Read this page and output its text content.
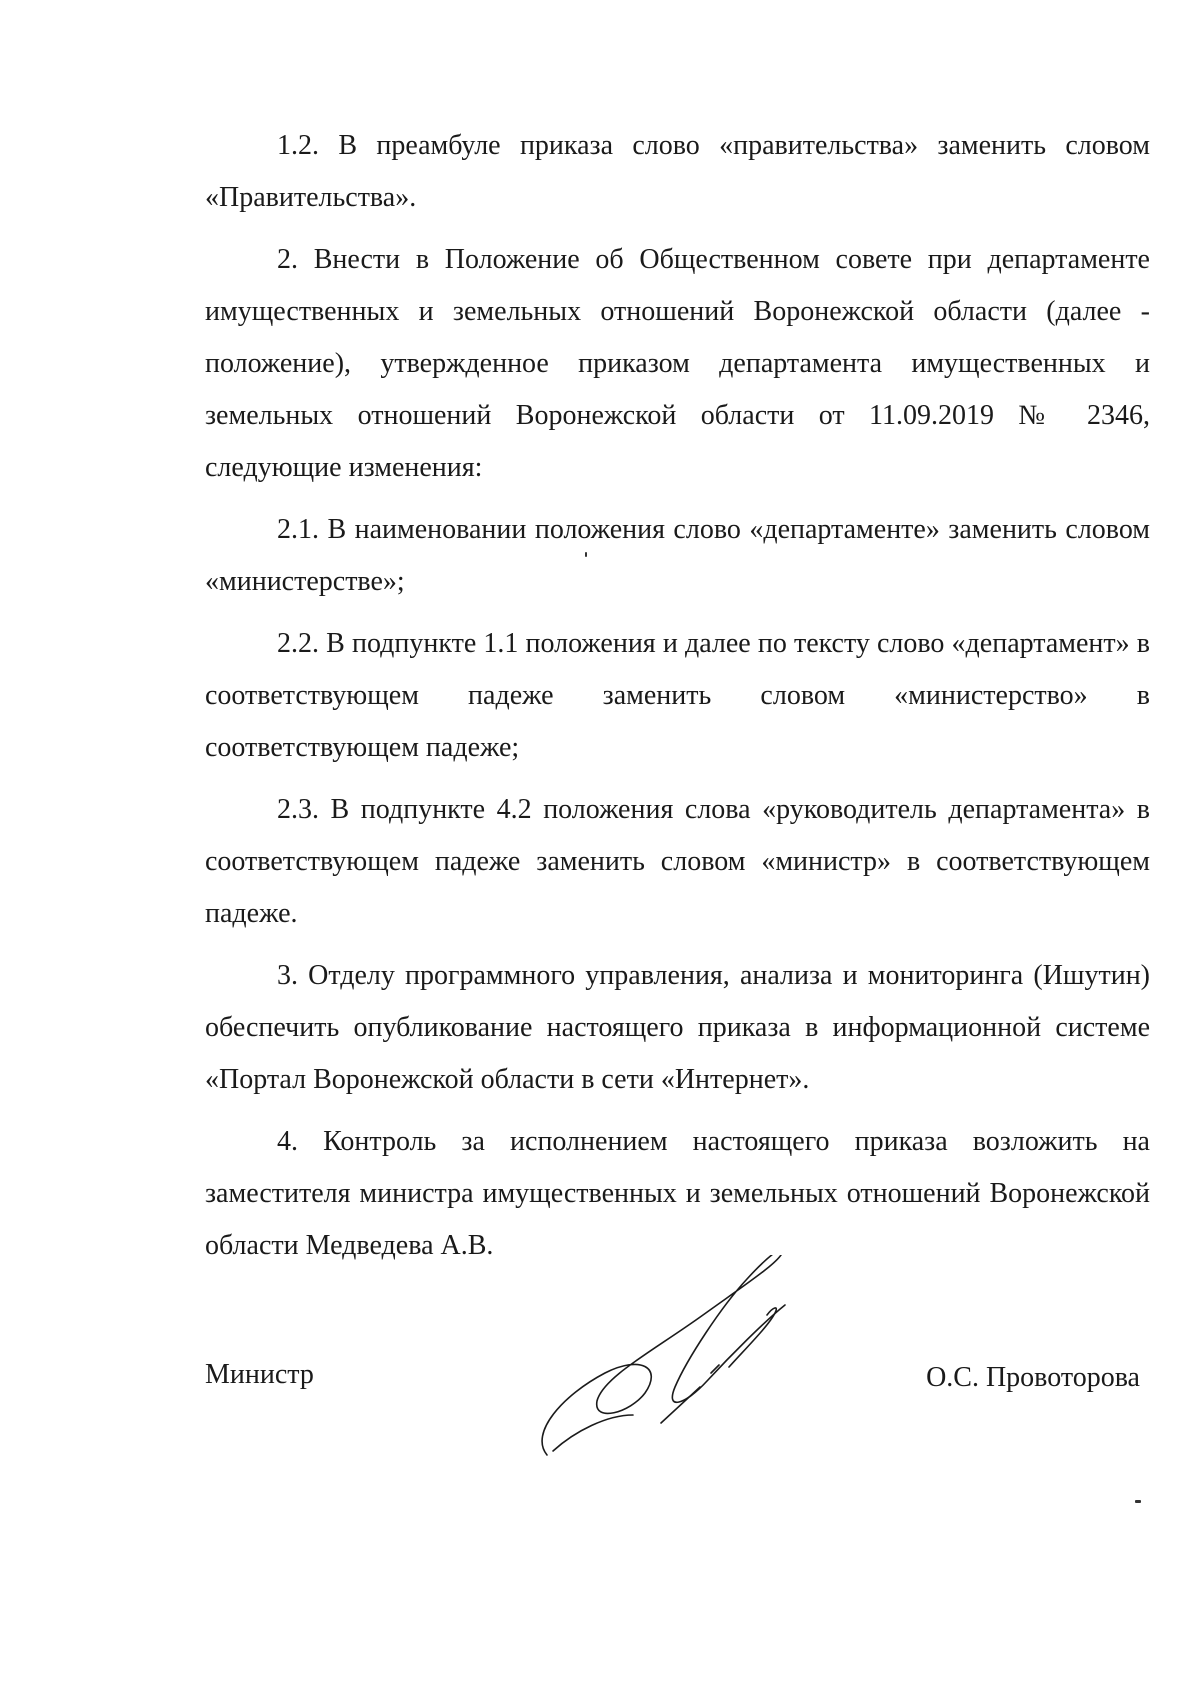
1.2. В преамбуле приказа слово «правительства» заменить словом «Правительства».

2. Внести в Положение об Общественном совете при департаменте имущественных и земельных отношений Воронежской области (далее - положение), утвержденное приказом департамента имущественных и земельных отношений Воронежской области от 11.09.2019 № 2346, следующие изменения:

2.1. В наименовании положения слово «департаменте» заменить словом «министерстве»;

2.2. В подпункте 1.1 положения и далее по тексту слово «департамент» в соответствующем падеже заменить словом «министерство» в соответствующем падеже;

2.3. В подпункте 4.2 положения слова «руководитель департамента» в соответствующем падеже заменить словом «министр» в соответствующем падеже.

3. Отделу программного управления, анализа и мониторинга (Ишутин) обеспечить опубликование настоящего приказа в информационной системе «Портал Воронежской области в сети «Интернет».

4. Контроль за исполнением настоящего приказа возложить на заместителя министра имущественных и земельных отношений Воронежской области Медведева А.В.

Министр	О.С. Провоторова
